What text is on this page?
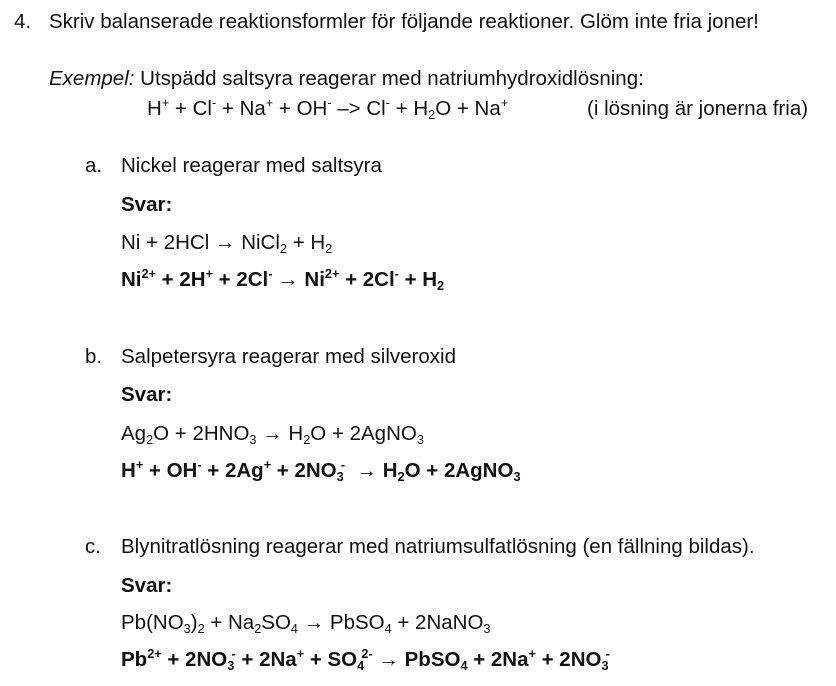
4. Skriv balanserade reaktionsformler för följande reaktioner. Glöm inte fria joner!
Exempel: Utspädd saltsyra reagerar med natriumhydroxidlösning:
$H^+ + Cl^- + Na^+ + OH^- -> Cl^- + H_2O + Na^+$	(i lösning är jonerna fria)
a. Nickel reagerar med saltsyra
Svar:
Ni + 2HCl → NiCl$_2$ + $H_2$
$Ni^{2+} + 2H^+ + 2Cl^- \to Ni^{2+} + 2Cl^- + H_2$
b. Salpetersyra reagerar med silveroxid
Svar:
$Ag_2O + 2HNO_3 \to H_2O$ + 2AgNO$_3$
$H^+ + OH^- + 2Ag^+ + 2NO_3^- \to H_2O$ + 2AgNO$_3$
c. Blynitratlösning reagerar med natriumsulfatlösning (en fällning bildas).
Svar:
$Pb(NO_3)_2 + Na_2SO_4$ → PbSO$_4$ + 2NaNO$_3$
$Pb^{2+} + 2NO_3^- + 2Na^+ + SO_4^{2-}$ → PbSO$_4$ + $2Na^+ + 2NO_3^-$
